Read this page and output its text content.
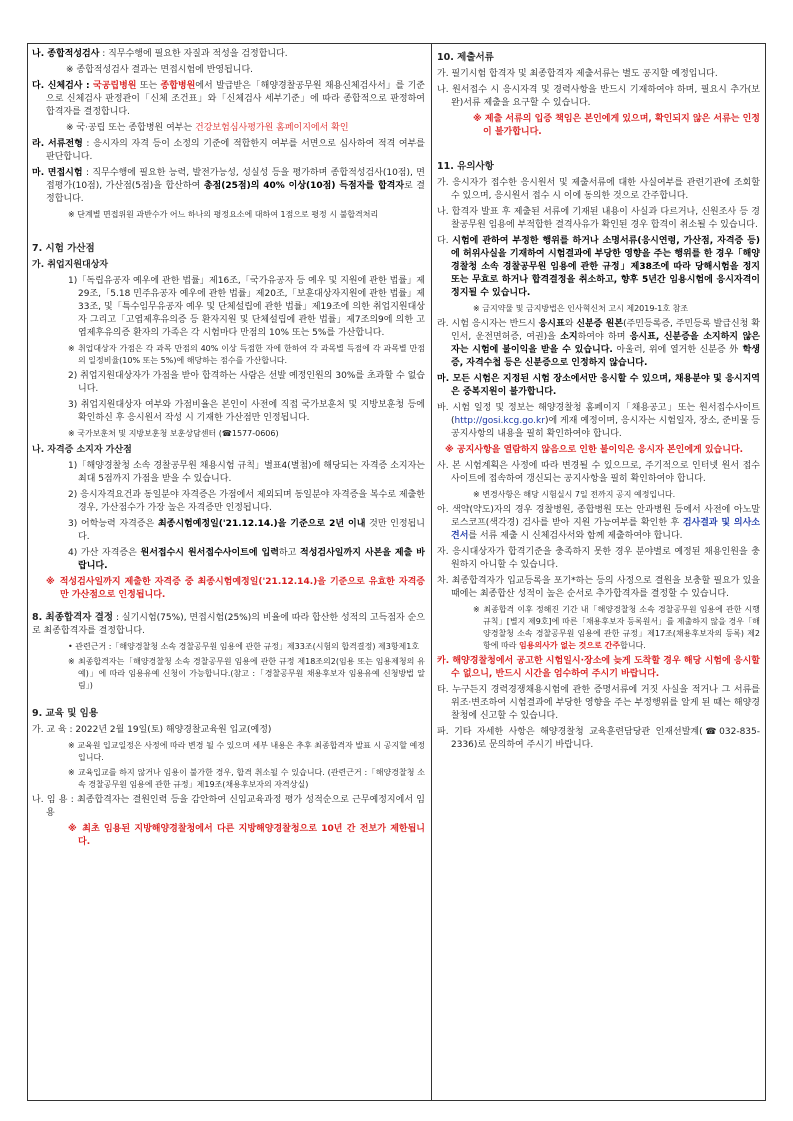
나. 종합적성검사 : 직무수행에 필요한 자질과 적성을 검정합니다.

※ 종합적성검사 결과는 면접시험에 반영됩니다.

다. 신체검사 : 국공립병원 또는 종합병원에서 발급받은「해양경찰공무원 채용신체검사서」를 기준으로 신체검사 판정관이「신체 조건표」와「신체검사 세부기준」에 따라 종합적으로 판정하여 합격자를 결정합니다.

※ 국·공립 또는 종합병원 여부는 건강보험심사평가원 홈페이지에서 확인

라. 서류전형 : 응시자의 자격 등이 소정의 기준에 적합한지 여부를 서면으로 심사하여 적격 여부를 판단합니다.

마. 면접시험 : 직무수행에 필요한 능력, 발전가능성, 성실성 등을 평가하며 종합적성검사(10점), 면접평가(10점), 가산점(5점)을 합산하여 총점(25점)의 40% 이상(10점) 득점자를 합격자로 결정합니다.

※ 단계별 면접위원 과반수가 어느 하나의 평정요소에 대하여 1점으로 평정 시 불합격처리

7. 시험 가산점
가. 취업지원대상자

1)「독립유공자 예우에 관한 법률」제16조,「국가유공자 등 예우 및 지원에 관한 법률」제29조,「5.18 민주유공자 예우에 관한 법률」제20조,「보훈대상자지원에 관한 법률」제33조, 및「특수임무유공자 예우 및 단체설립에 관한 법률」제19조에 의한 취업지원대상자 그리고「고엽제후유의증 등 환자지원 및 단체설립에 관한 법률」제7조의9에 의한 고엽제후유의증 환자의 가족은 각 시험마다 만점의 10% 또는 5%를 가산합니다.

※ 취업대상자 가점은 각 과목 만점의 40% 이상 득점한 자에 한하여 각 과목별 득점에 각 과목별 만점의 일정비율(10% 또는 5%)에 해당하는 점수를 가산합니다.

2) 취업지원대상자가 가점을 받아 합격하는 사람은 선발 예정인원의 30%를 초과할 수 없습니다.

3) 취업지원대상자 여부와 가점비율은 본인이 사전에 직접 국가보훈처 및 지방보훈청 등에 확인하신 후 응시원서 작성 시 기재한 가산점만 인정됩니다.

※ 국가보훈처 및 지방보훈청 보훈상담센터 (☎1577-0606)

나. 자격증 소지자 가산점

1)「해양경찰청 소속 경찰공무원 채용시험 규칙」별표4(별첨)에 해당되는 자격증 소지자는 최대 5점까지 가점을 받을 수 있습니다.

2) 응시자격요건과 동일분야 자격증은 가점에서 제외되며 동일분야 자격증을 복수로 제출한 경우, 가산점수가 가장 높은 자격증만 인정됩니다.

3) 어학능력 자격증은 최종시험예정일('21.12.14.)을 기준으로 2년 이내 것만 인정됩니다.

4) 가산 자격증은 원서접수시 원서접수사이트에 입력하고 적성검사일까지 사본을 제출 바랍니다.

※ 적성검사일까지 제출한 자격증 중 최종시험예정일('21.12.14.)을 기준으로 유효한 자격증만 가산점으로 인정됩니다.

8. 최종합격자 결정 : 실기시험(75%), 면접시험(25%)의 비율에 따라 합산한 성적의 고득점자 순으로 최종합격자를 결정합니다.

• 관련근거 :「해양경찰청 소속 경찰공무원 임용에 관한 규정」제33조(시험의 합격결정) 제3항제1호

※ 최종합격자는「해양경찰청 소속 경찰공무원 임용에 관한 규정 제18조의2(임용 또는 임용제청의 유예)」에 따라 임용유예 신청이 가능합니다.(참고 :「경찰공무원 채용후보자 임용유예 신청방법 알림」)

9. 교육 및 임용

가. 교 육 : 2022년 2월 19일(토) 해양경찰교육원 입교(예정)

※ 교육원 입교일정은 사정에 따라 변경 될 수 있으며 세부 내용은 추후 최종합격자 발표 시 공지할 예정입니다.

※ 교육입교를 하지 않거나 임용이 불가한 경우, 합격 취소될 수 있습니다. (관련근거 :「해양경찰청 소속 경찰공무원 임용에 관한 규정」제19조(채용후보자의 자격상실)

나. 임 용 : 최종합격자는 결원인력 등을 감안하여 신임교육과정 평가 성적순으로 근무예정지에서 임용

※ 최초 임용된 지방해양경찰청에서 다른 지방해양경찰청으로 10년 간 전보가 제한됩니다.

10. 제출서류

가. 필기시험 합격자 및 최종합격자 제출서류는 별도 공지할 예정입니다.

나. 원서접수 시 응시자격 및 경력사항을 반드시 기재하여야 하며, 필요시 추가(보완)서류 제출을 요구할 수 있습니다.

※ 제출 서류의 입증 책임은 본인에게 있으며, 확인되지 않은 서류는 인정이 불가합니다.

11. 유의사항

가. 응시자가 접수한 응시원서 및 제출서류에 대한 사실여부를 관련기관에 조회할 수 있으며, 응시원서 접수 시 이에 동의한 것으로 간주합니다.

나. 합격자 발표 후 제출된 서류에 기재된 내용이 사실과 다르거나, 신원조사 등 경찰공무원 임용에 부적합한 결격사유가 확인된 경우 합격이 취소될 수 있습니다.

다. 시험에 관하여 부정한 행위를 하거나 소명서류(응시연령, 가산점, 자격증 등)에 허위사실을 기재하여 시험결과에 부당한 영향을 주는 행위를 한 경우「해양경찰청 소속 경찰공무원 임용에 관한 규정」제38조에 따라 당해시험을 정지 또는 무효로 하거나 합격결정을 취소하고, 향후 5년간 임용시험에 응시자격이 정지될 수 있습니다.

※ 금지약물 및 금지방법은 인사혁신처 고시 제2019-1호 참조

라. 시험 응시자는 반드시 응시표와 신분증 원본(주민등록증, 주민등록 발급신청 확인서, 운전면허증, 여권)을 소지하여야 하며 응시표, 신분증을 소지하지 않은 자는 시험에 불이익을 받을 수 있습니다. 아울러, 위에 열거한 신분증 外 학생증, 자격수첩 등은 신분증으로 인정하지 않습니다.

마. 모든 시험은 지정된 시험 장소에서만 응시할 수 있으며, 채용분야 및 응시지역은 중복지원이 불가합니다.

바. 시험 일정 및 정보는 해양경찰청 홈페이지「채용공고」또는 원서접수사이트(http://gosi.kcg.go.kr)에 게재 예정이며, 응시자는 시험일자, 장소, 준비물 등 공지사항의 내용을 필히 확인하여야 합니다.

※ 공지사항을 열람하지 않음으로 인한 불이익은 응시자 본인에게 있습니다.

사. 본 시험계획은 사정에 따라 변경될 수 있으므로, 주기적으로 인터넷 원서 접수사이트에 접속하여 갱신되는 공지사항을 필히 확인하여야 합니다.

※ 변경사항은 해당 시험실시 7일 전까지 공지 예정입니다.

아. 색약(약도)자의 경우 경찰병원, 종합병원 또는 안과병원 등에서 사전에 아노말로스코프(색각경) 검사를 받아 지원 가능여부를 확인한 후 검사결과 및 의사소견서를 서류 제출 시 신체검사서와 함께 제출하여야 합니다.

자. 응시대상자가 합격기준을 충족하지 못한 경우 분야별로 예정된 채용인원을 충원하지 아니할 수 있습니다.

차. 최종합격자가 입교등록을 포기*하는 등의 사정으로 결원을 보충할 필요가 있을 때에는 최종합산 성적이 높은 순서로 추가합격자를 결정할 수 있습니다.

※ 최종합격 이후 정해진 기간 내「해양경찰청 소속 경찰공무원 임용에 관한 시행규칙」[별지 제9호]에 따른「채용후보자 등록원서」를 제출하지 않을 경우「해양경찰청 소속 경찰공무원 임용에 관한 규정」제17조(채용후보자의 등록) 제2항에 따라 임용의사가 없는 것으로 간주합니다.

카. 해양경찰청에서 공고한 시험일시·장소에 늦게 도착할 경우 해당 시험에 응시할 수 없으니, 반드시 시간을 엄수하여 주시기 바랍니다.

타. 누구든지 경력경쟁채용시험에 관한 증명서류에 거짓 사실을 적거나 그 서류를 위조·변조하여 시험결과에 부당한 영향을 주는 부정행위를 알게 된 때는 해양경찰청에 신고할 수 있습니다.

파. 기타 자세한 사항은 해양경찰청 교육훈련담당관 인재선발계(☎032-835-2336)로 문의하여 주시기 바랍니다.
